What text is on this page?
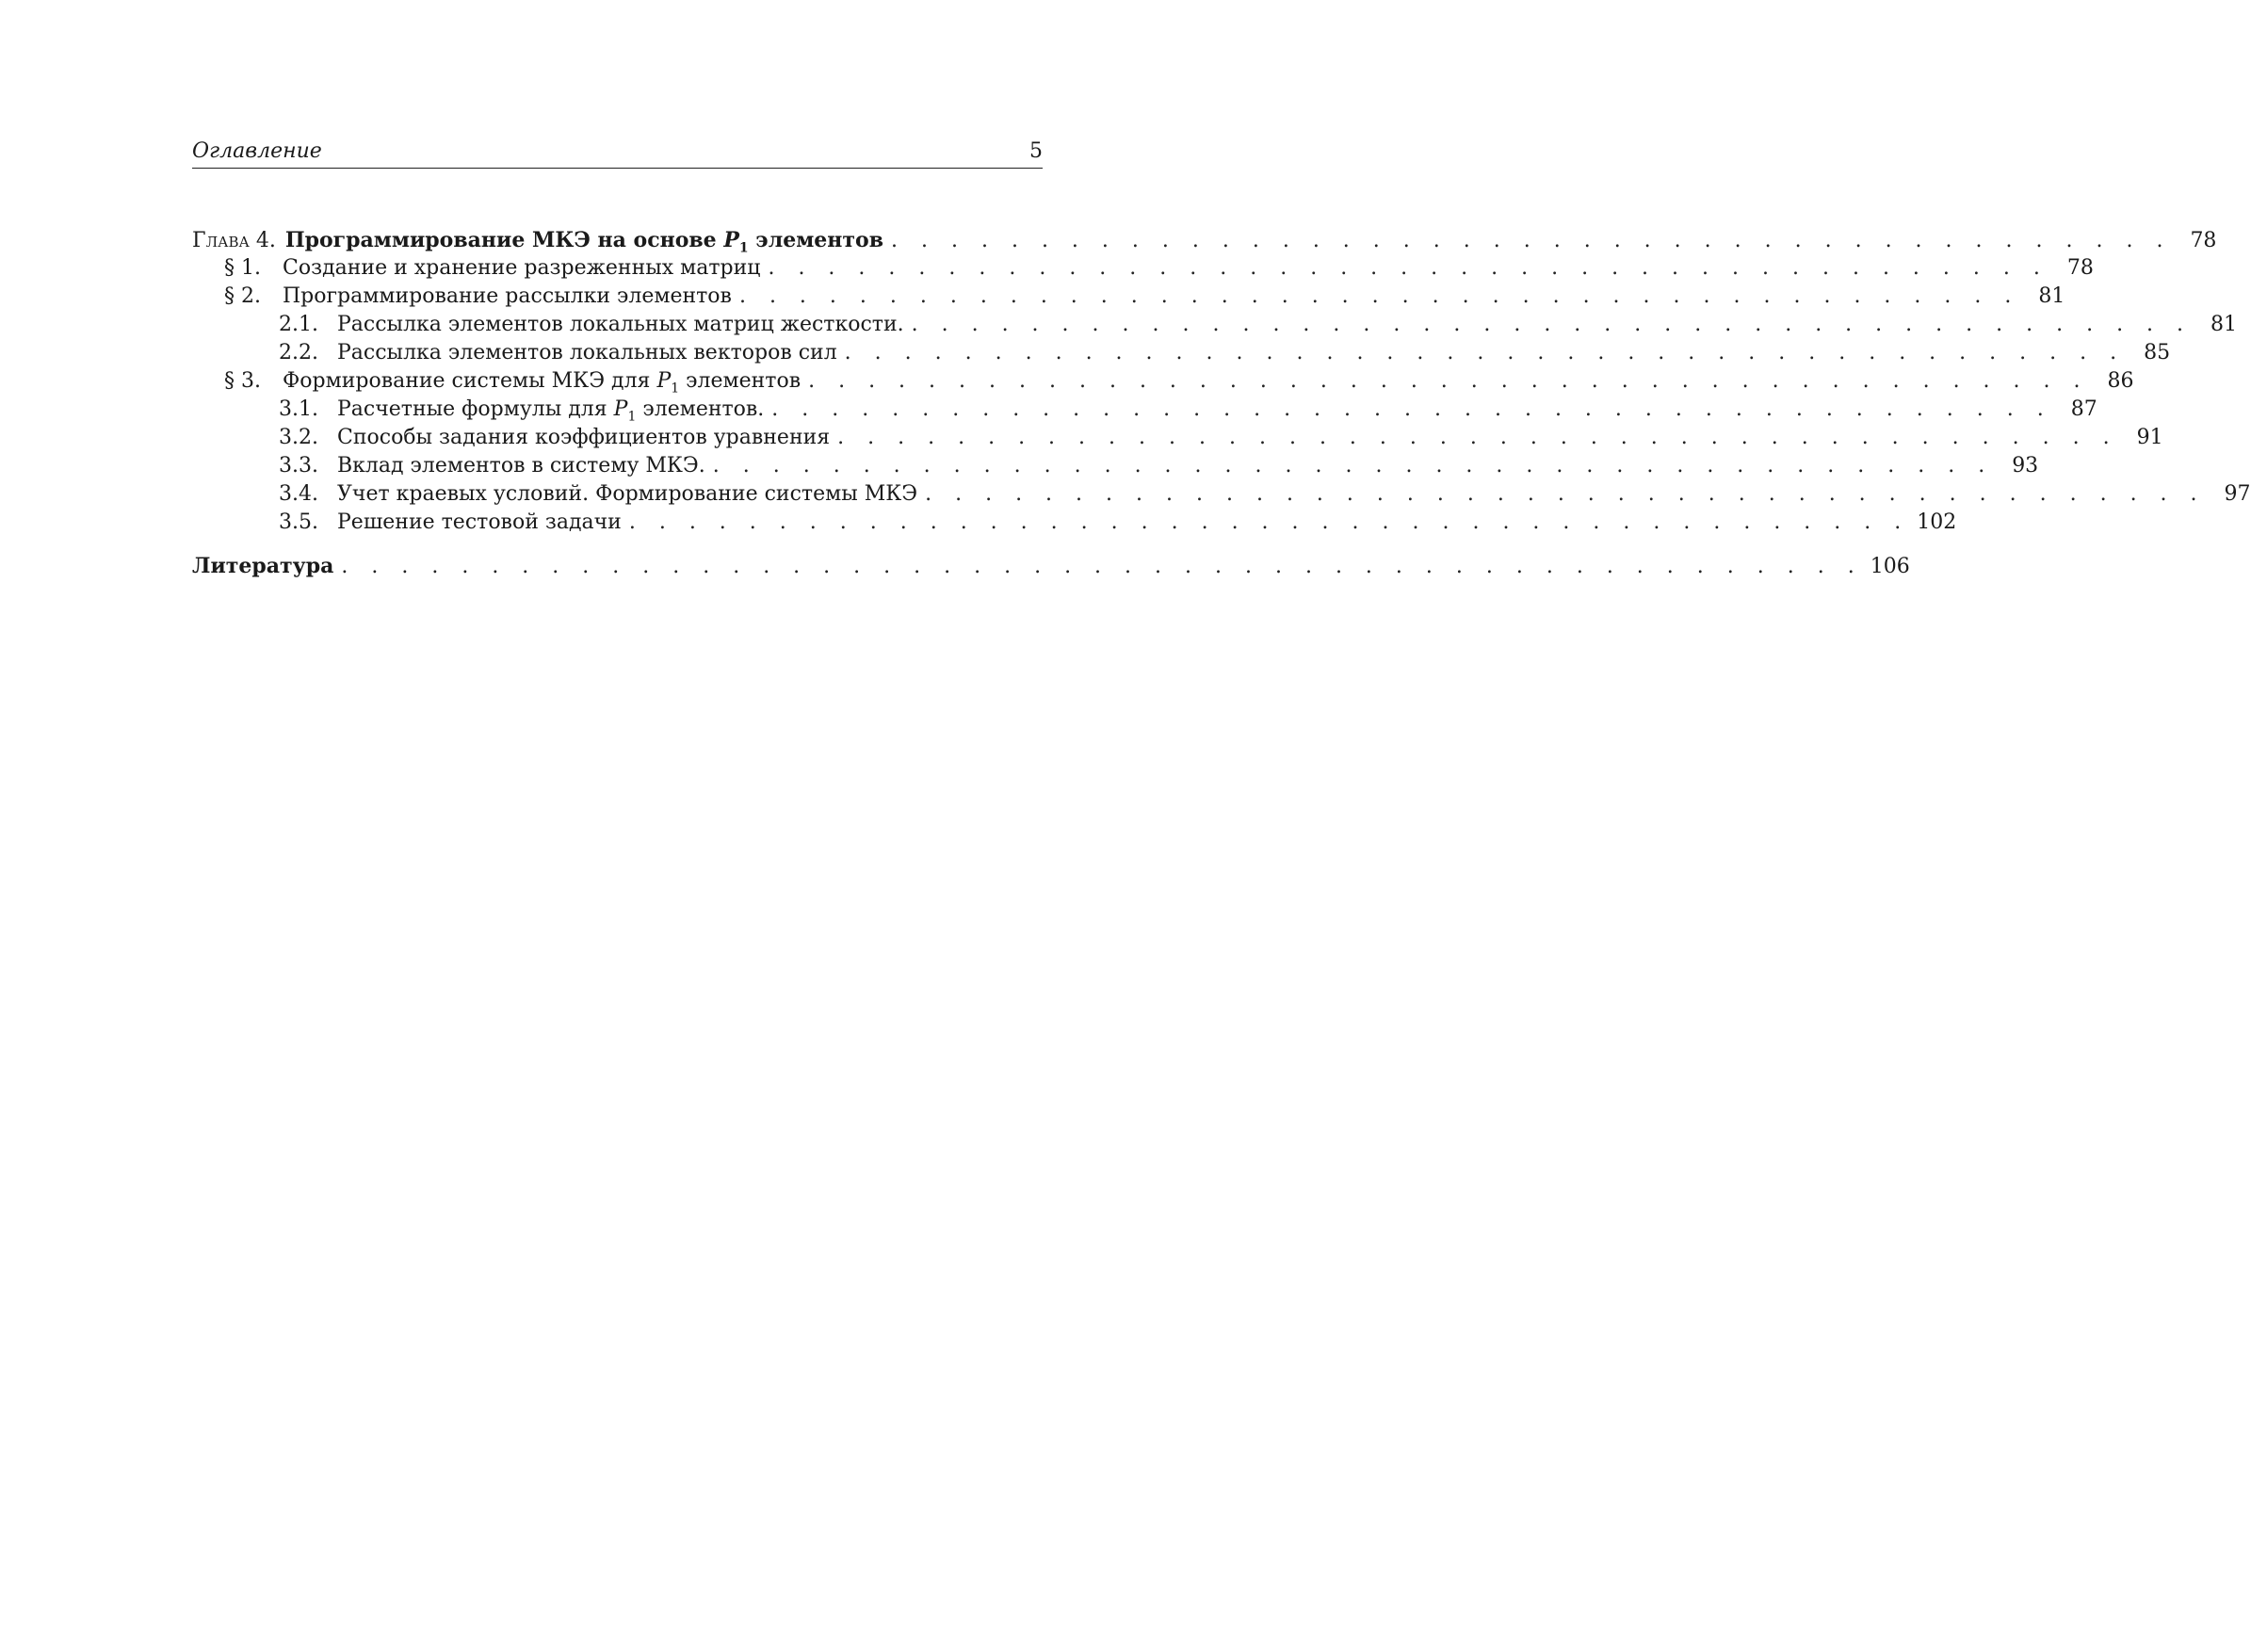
Оглавление	5
Глава 4. Программирование МКЭ на основе $P_1$ элементов . . . . . . . . . . . . . . . . . . . . . . . . . . . . . . . . . . . . . . . . . . . 78
§ 1.	Создание и хранение разреженных матриц . . . . . . . . . . . . . . . . . . . . . . . . . . . . . . . . . . . . . . . . . . . 78
§ 2.	Программирование рассылки элементов . . . . . . . . . . . . . . . . . . . . . . . . . . . . . . . . . . . . . . . . . . . 81
2.1. Рассылка элементов локальных матриц жесткости. . . . . . . . . . . . . . . . . . . . . . . . . . . . . . . . . . . . . . . . . . . . 81
2.2. Рассылка элементов локальных векторов сил . . . . . . . . . . . . . . . . . . . . . . . . . . . . . . . . . . . . . . . . . . . 85
§ 3.	Формирование системы МКЭ для $P_1$ элементов . . . . . . . . . . . . . . . . . . . . . . . . . . . . . . . . . . . . . . . . . . . 86
3.1. Расчетные формулы для $P_1$ элементов. . . . . . . . . . . . . . . . . . . . . . . . . . . . . . . . . . . . . . . . . . . . 87
3.2. Способы задания коэффициентов уравнения . . . . . . . . . . . . . . . . . . . . . . . . . . . . . . . . . . . . . . . . . . . 91
3.3. Вклад элементов в систему МКЭ. . . . . . . . . . . . . . . . . . . . . . . . . . . . . . . . . . . . . . . . . . . . 93
3.4. Учет краевых условий. Формирование системы МКЭ . . . . . . . . . . . . . . . . . . . . . . . . . . . . . . . . . . . . . . . . . . . 97
3.5. Решение тестовой задачи . . . . . . . . . . . . . . . . . . . . . . . . . . . . . . . . . . . . . . . . . . . 102
Литература . . . . . . . . . . . . . . . . . . . . . . . . . . . . . . . . . . . . . . . . . . . . . . . . . . . 106
